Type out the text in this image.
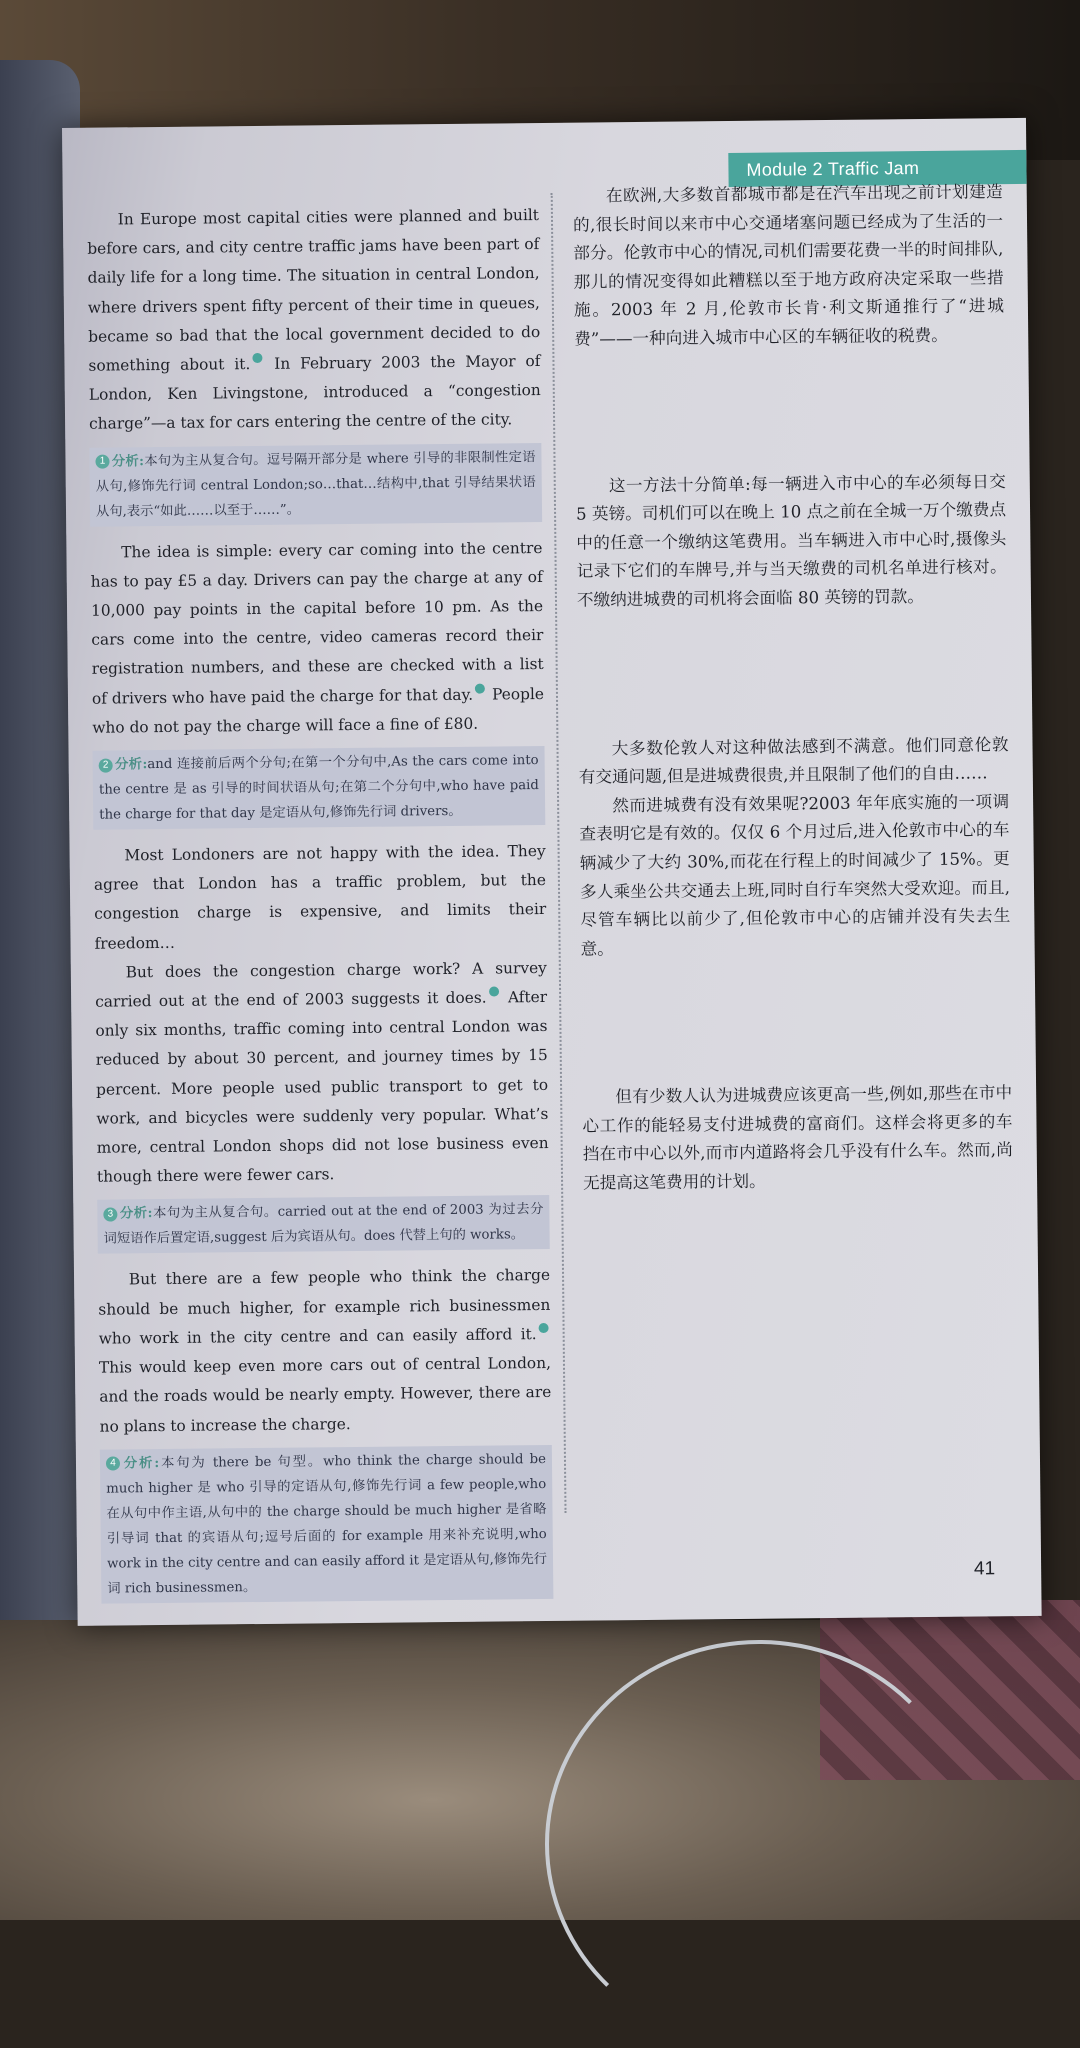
Module 2 Traffic Jam

In Europe most capital cities were planned and built before cars, and city centre traffic jams have been part of daily life for a long time. The situation in central London, where drivers spent fifty percent of their time in queues, became so bad that the local government decided to do something about it. In February 2003 the Mayor of London, Ken Livingstone, introduced a “congestion charge”—a tax for cars entering the centre of the city.

1 分析:本句为主从复合句。逗号隔开部分是 where 引导的非限制性定语从句,修饰先行词 central London;so…that…结构中,that 引导结果状语从句,表示“如此……以至于……”。

The idea is simple: every car coming into the centre has to pay £5 a day. Drivers can pay the charge at any of 10,000 pay points in the capital before 10 pm. As the cars come into the centre, video cameras record their registration numbers, and these are checked with a list of drivers who have paid the charge for that day. People who do not pay the charge will face a fine of £80.

2 分析:and 连接前后两个分句;在第一个分句中,As the cars come into the centre 是 as 引导的时间状语从句;在第二个分句中,who have paid the charge for that day 是定语从句,修饰先行词 drivers。

Most Londoners are not happy with the idea. They agree that London has a traffic problem, but the congestion charge is expensive, and limits their freedom…

But does the congestion charge work? A survey carried out at the end of 2003 suggests it does. After only six months, traffic coming into central London was reduced by about 30 percent, and journey times by 15 percent. More people used public transport to get to work, and bicycles were suddenly very popular. What’s more, central London shops did not lose business even though there were fewer cars.

3 分析:本句为主从复合句。carried out at the end of 2003 为过去分词短语作后置定语,suggest 后为宾语从句。does 代替上句的 works。

But there are a few people who think the charge should be much higher, for example rich businessmen who work in the city centre and can easily afford it. This would keep even more cars out of central London, and the roads would be nearly empty. However, there are no plans to increase the charge.

4 分析:本句为 there be 句型。who think the charge should be much higher 是 who 引导的定语从句,修饰先行词 a few people,who 在从句中作主语,从句中的 the charge should be much higher 是省略引导词 that 的宾语从句;逗号后面的 for example 用来补充说明,who work in the city centre and can easily afford it 是定语从句,修饰先行词 rich businessmen。

在欧洲,大多数首都城市都是在汽车出现之前计划建造的,很长时间以来市中心交通堵塞问题已经成为了生活的一部分。伦敦市中心的情况,司机们需要花费一半的时间排队,那儿的情况变得如此糟糕以至于地方政府决定采取一些措施。2003 年 2 月,伦敦市长肯·利文斯通推行了“进城费”——一种向进入城市中心区的车辆征收的税费。

这一方法十分简单:每一辆进入市中心的车必须每日交 5 英镑。司机们可以在晚上 10 点之前在全城一万个缴费点中的任意一个缴纳这笔费用。当车辆进入市中心时,摄像头记录下它们的车牌号,并与当天缴费的司机名单进行核对。不缴纳进城费的司机将会面临 80 英镑的罚款。

大多数伦敦人对这种做法感到不满意。他们同意伦敦有交通问题,但是进城费很贵,并且限制了他们的自由……

然而进城费有没有效果呢?2003 年年底实施的一项调查表明它是有效的。仅仅 6 个月过后,进入伦敦市中心的车辆减少了大约 30%,而花在行程上的时间减少了 15%。更多人乘坐公共交通去上班,同时自行车突然大受欢迎。而且,尽管车辆比以前少了,但伦敦市中心的店铺并没有失去生意。

但有少数人认为进城费应该更高一些,例如,那些在市中心工作的能轻易支付进城费的富商们。这样会将更多的车挡在市中心以外,而市内道路将会几乎没有什么车。然而,尚无提高这笔费用的计划。

41
